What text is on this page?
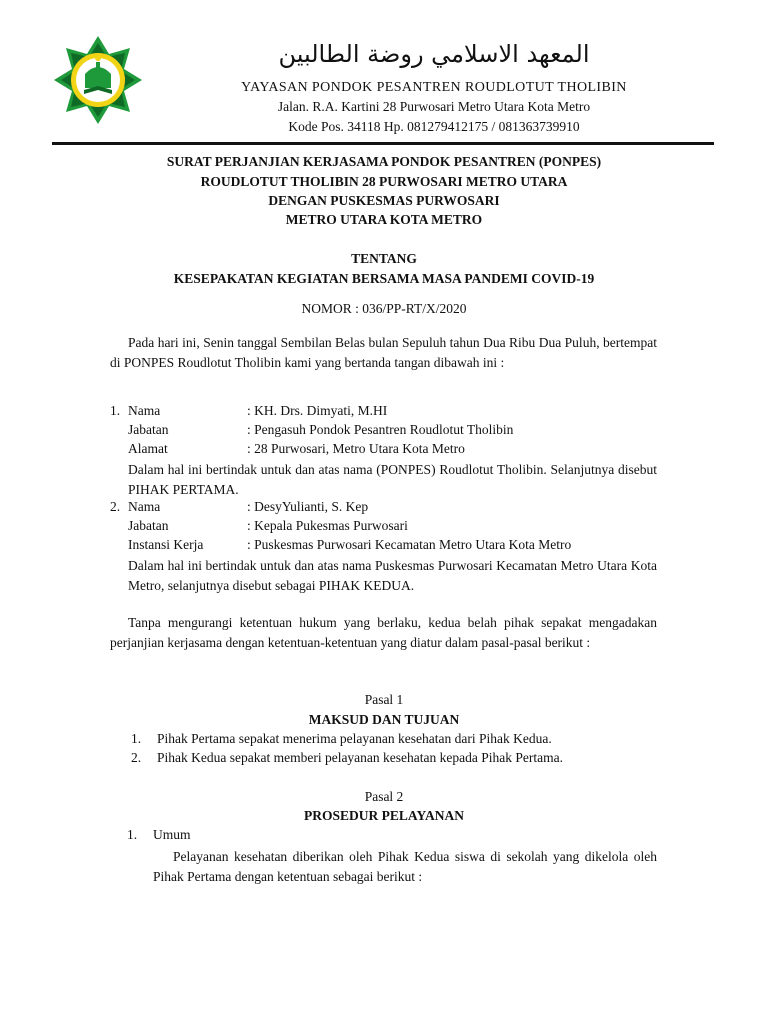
المعهد الاسلامي روضة الطالبين
YAYASAN PONDOK PESANTREN ROUDLOTUT THOLIBIN
Jalan. R.A. Kartini 28 Purwosari Metro Utara Kota Metro
Kode Pos. 34118 Hp. 081279412175 / 081363739910
SURAT PERJANJIAN KERJASAMA PONDOK PESANTREN (PONPES)
ROUDLOTUT THOLIBIN 28 PURWOSARI METRO UTARA
DENGAN PUSKESMAS PURWOSARI
METRO UTARA KOTA METRO
TENTANG
KESEPAKATAN KEGIATAN BERSAMA MASA PANDEMI COVID-19
NOMOR : 036/PP-RT/X/2020
Pada hari ini, Senin tanggal Sembilan Belas bulan Sepuluh tahun Dua Ribu Dua Puluh, bertempat di PONPES Roudlotut Tholibin kami yang bertanda tangan dibawah ini :
1. Nama	: KH. Drs. Dimyati, M.HI
Jabatan	: Pengasuh Pondok Pesantren Roudlotut Tholibin
Alamat	: 28 Purwosari, Metro Utara Kota Metro
Dalam hal ini bertindak untuk dan atas nama (PONPES) Roudlotut Tholibin. Selanjutnya disebut PIHAK PERTAMA.
2. Nama	: DesyYulianti, S. Kep
Jabatan	: Kepala Pukesmas Purwosari
Instansi Kerja	: Puskesmas Purwosari Kecamatan Metro Utara Kota Metro
Dalam hal ini bertindak untuk dan atas nama Puskesmas Purwosari Kecamatan Metro Utara Kota Metro, selanjutnya disebut sebagai PIHAK KEDUA.
Tanpa mengurangi ketentuan hukum yang berlaku, kedua belah pihak sepakat mengadakan perjanjian kerjasama dengan ketentuan-ketentuan yang diatur dalam pasal-pasal berikut :
Pasal 1
MAKSUD DAN TUJUAN
1. Pihak Pertama sepakat menerima pelayanan kesehatan dari Pihak Kedua.
2. Pihak Kedua sepakat memberi pelayanan kesehatan kepada Pihak Pertama.
Pasal 2
PROSEDUR PELAYANAN
1. Umum
Pelayanan kesehatan diberikan oleh Pihak Kedua siswa di sekolah yang dikelola oleh Pihak Pertama dengan ketentuan sebagai berikut :
